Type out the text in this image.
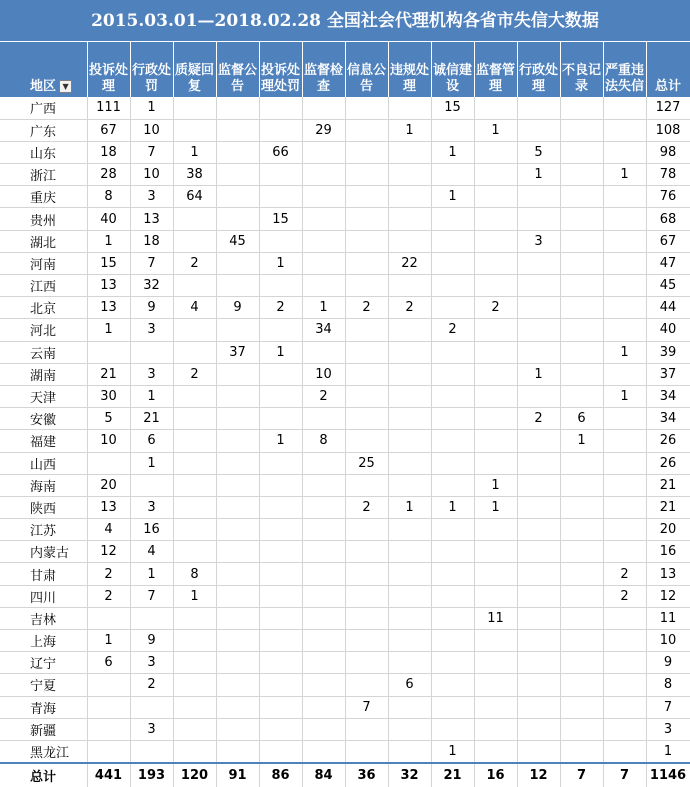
2015.03.01—2018.02.28 全国社会代理机构各省市失信大数据
地区 ▼	投诉处理	行政处罚	质疑回复	监督公告	投诉处理处罚	监督检查	信息公告	违规处理	诚信建设	监督管理	行政处理	不良记录	严重违法失信	总计
广西	111	1							15					127
广东	67	10				29		1		1				108
山东	18	7	1		66				1		5			98
浙江	28	10	38								1		1	78
重庆	8	3	64						1					76
贵州	40	13			15									68
湖北	1	18		45							3			67
河南	15	7	2		1			22						47
江西	13	32												45
北京	13	9	4	9	2	1	2	2		2				44
河北	1	3				34			2					40
云南				37	1								1	39
湖南	21	3	2			10					1			37
天津	30	1				2							1	34
安徽	5	21									2	6		34
福建	10	6			1	8						1		26
山西		1					25							26
海南	20									1				21
陕西	13	3					2	1	1	1				21
江苏	4	16												20
内蒙古	12	4												16
甘肃	2	1	8										2	13
四川	2	7	1										2	12
吉林										11				11
上海	1	9												10
辽宁	6	3												9
宁夏		2						6						8
青海							7							7
新疆		3												3
黑龙江									1					1
总计	441	193	120	91	86	84	36	32	21	16	12	7	7	1146
